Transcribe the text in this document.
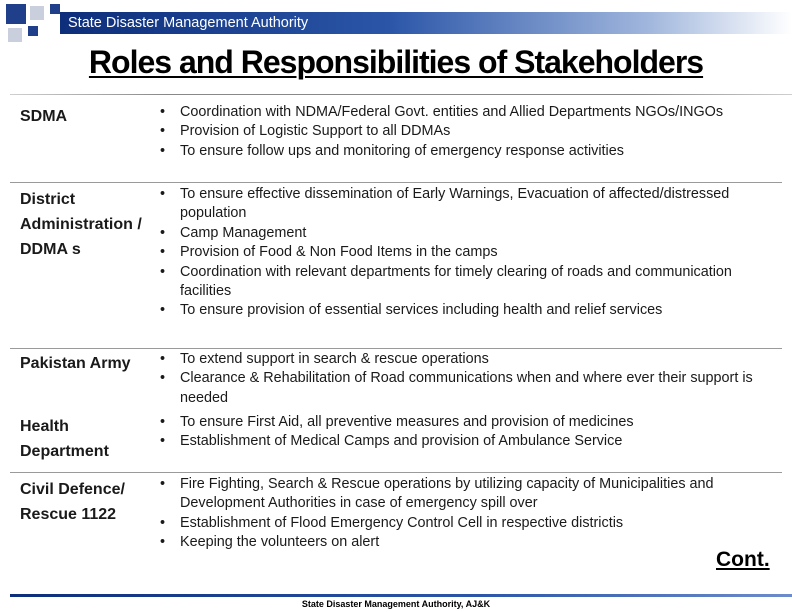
State Disaster Management Authority
Roles and Responsibilities of Stakeholders
SDMA	• Coordination with NDMA/Federal Govt. entities and Allied Departments NGOs/INGOs
• Provision of Logistic Support to all DDMAs
• To ensure follow ups and monitoring of emergency response activities
District Administration / DDMA s
• To ensure effective dissemination of Early Warnings, Evacuation of affected/distressed population
• Camp Management
• Provision of Food & Non Food Items in the camps
• Coordination with relevant departments for timely clearing of roads and communication facilities
• To ensure provision of essential services including health and relief services
Pakistan Army	• To extend support in search & rescue operations
• Clearance & Rehabilitation of Road communications when and where ever their support is needed
Health Department
• To ensure First Aid, all preventive measures and provision of medicines
• Establishment of Medical Camps and provision of Ambulance Service
Civil Defence/ Rescue 1122
• Fire Fighting, Search & Rescue operations by utilizing capacity of Municipalities and Development Authorities in case of emergency spill over
• Establishment of Flood Emergency Control Cell in respective districtis
• Keeping the volunteers on alert
Cont.
State Disaster Management Authority, AJ&K
